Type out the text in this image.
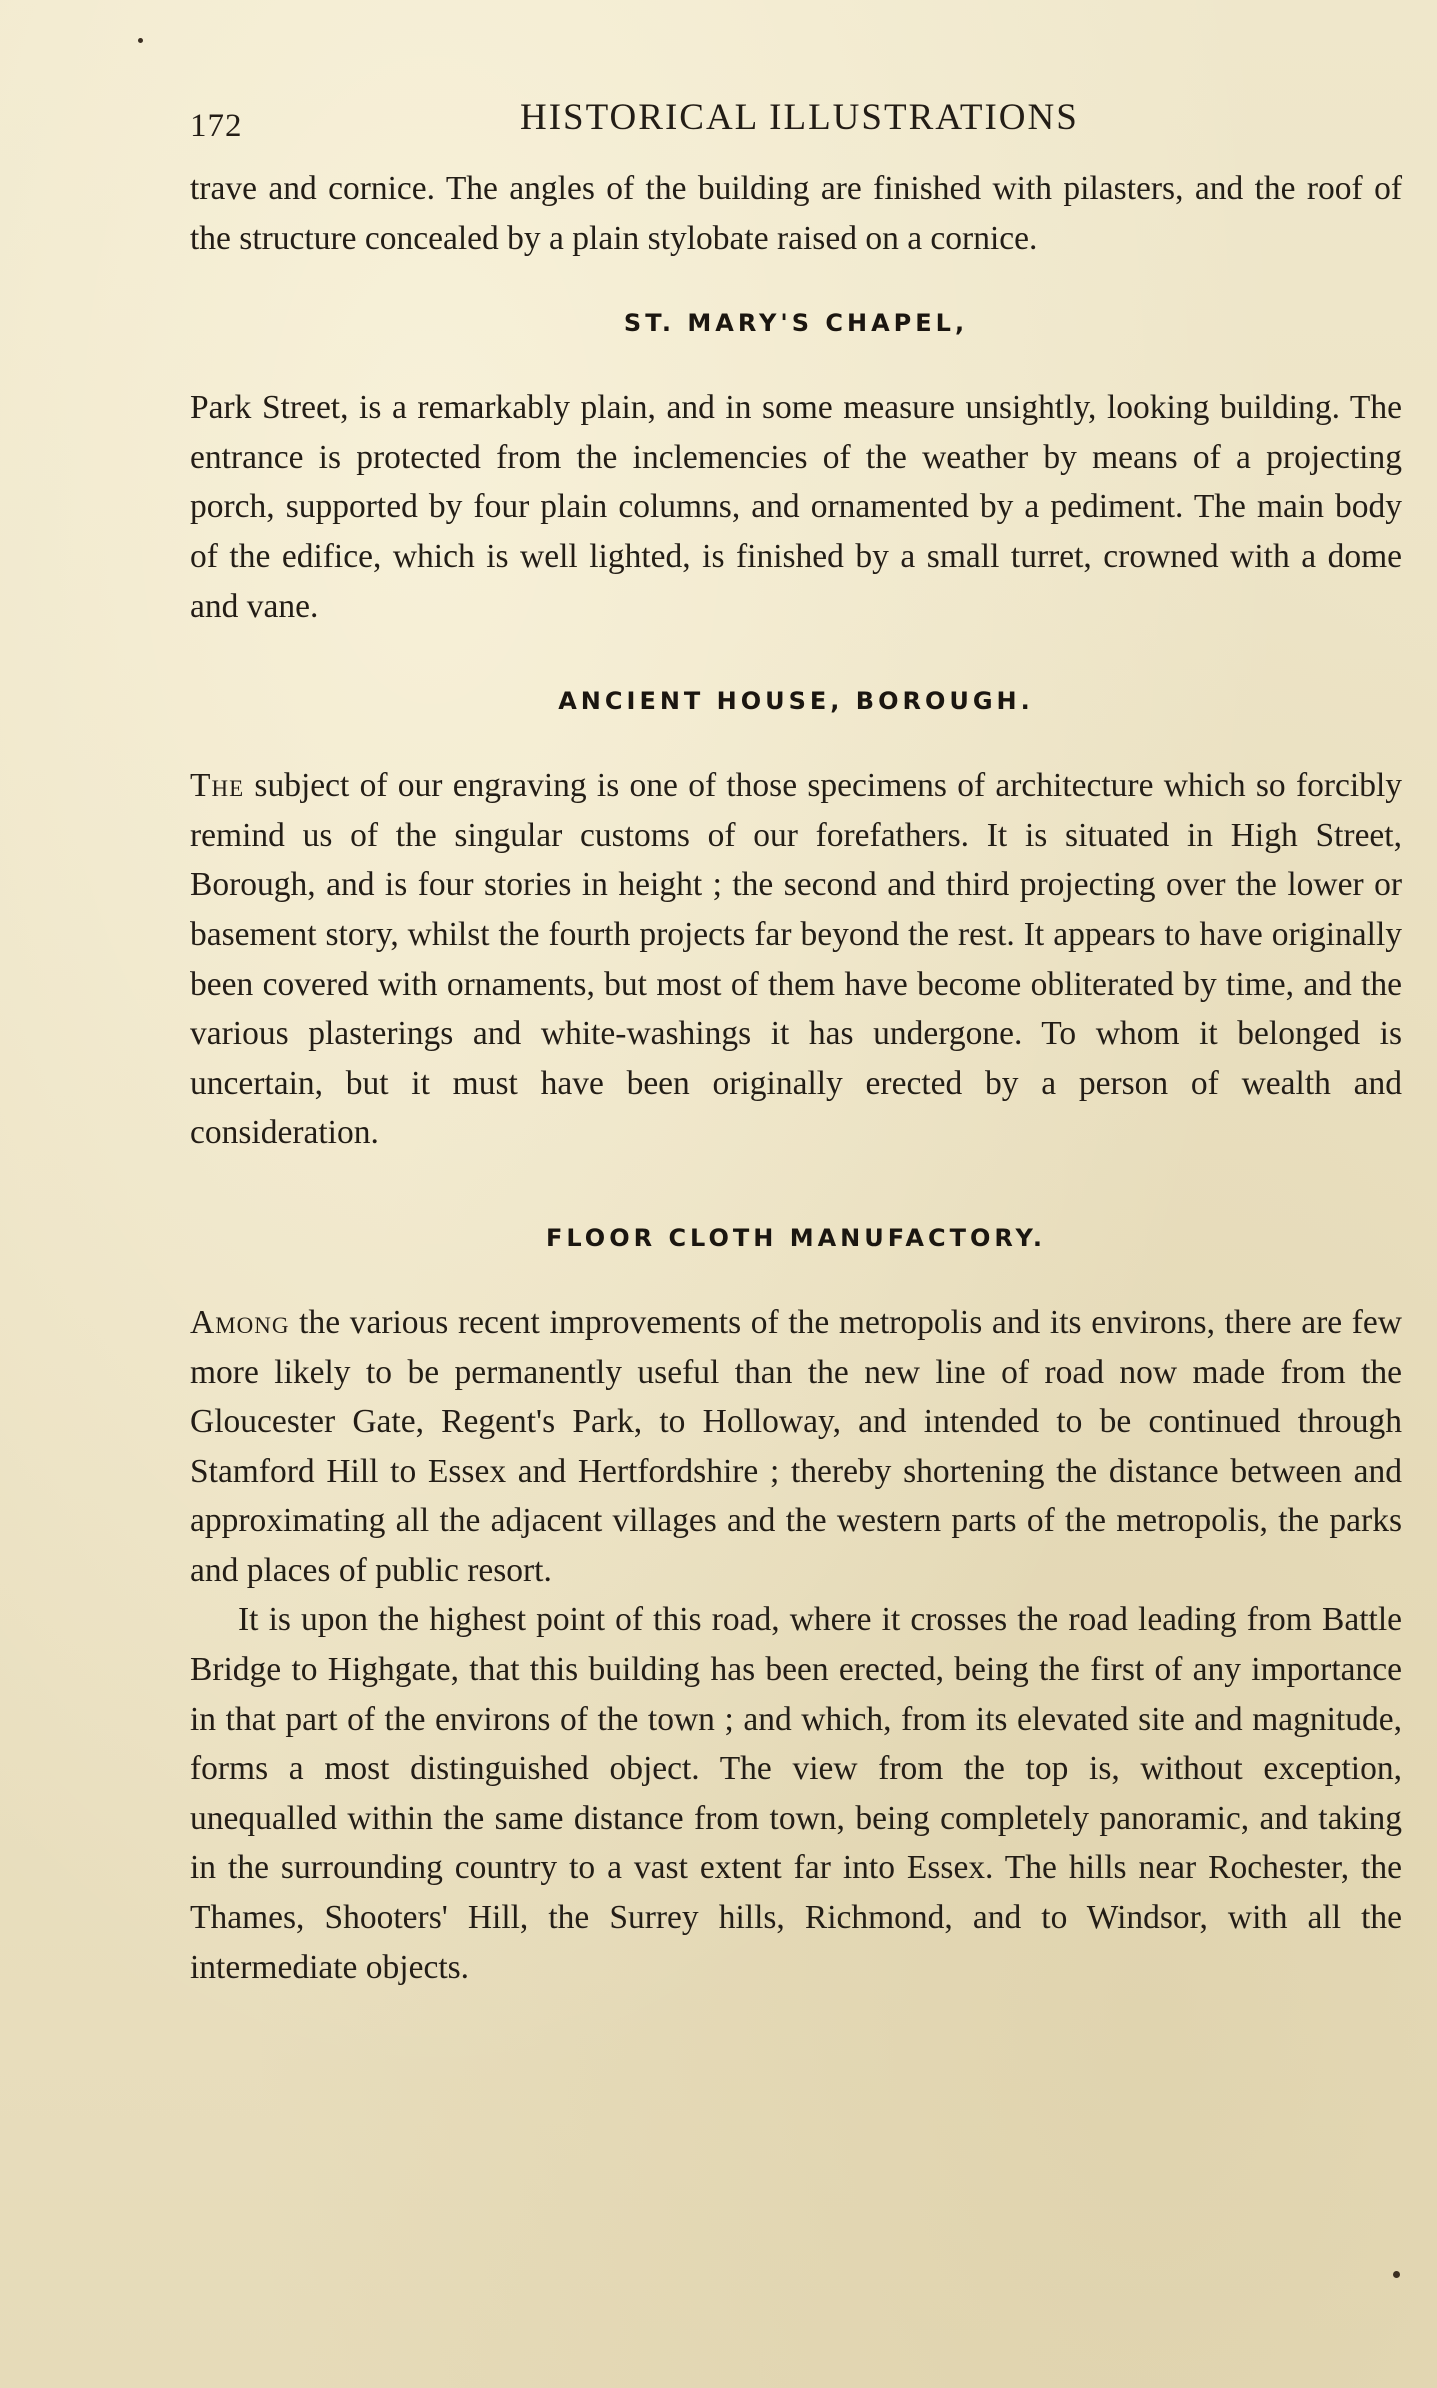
172	HISTORICAL ILLUSTRATIONS

trave and cornice. The angles of the building are finished with pilasters, and the roof of the structure concealed by a plain stylobate raised on a cornice.

ST. MARY'S CHAPEL,

Park Street, is a remarkably plain, and in some measure unsightly, looking building. The entrance is protected from the inclemencies of the weather by means of a projecting porch, supported by four plain columns, and ornamented by a pediment. The main body of the edifice, which is well lighted, is finished by a small turret, crowned with a dome and vane.

ANCIENT HOUSE, BOROUGH.

The subject of our engraving is one of those specimens of architecture which so forcibly remind us of the singular customs of our forefathers. It is situated in High Street, Borough, and is four stories in height ; the second and third projecting over the lower or basement story, whilst the fourth projects far beyond the rest. It appears to have originally been covered with ornaments, but most of them have become obliterated by time, and the various plasterings and white-washings it has undergone. To whom it belonged is uncertain, but it must have been originally erected by a person of wealth and consideration.

FLOOR CLOTH MANUFACTORY.

Among the various recent improvements of the metropolis and its environs, there are few more likely to be permanently useful than the new line of road now made from the Gloucester Gate, Regent's Park, to Holloway, and intended to be continued through Stamford Hill to Essex and Hertfordshire ; thereby shortening the distance between and approximating all the adjacent villages and the western parts of the metropolis, the parks and places of public resort.

It is upon the highest point of this road, where it crosses the road leading from Battle Bridge to Highgate, that this building has been erected, being the first of any importance in that part of the environs of the town ; and which, from its elevated site and magnitude, forms a most distinguished object. The view from the top is, without exception, unequalled within the same distance from town, being completely panoramic, and taking in the surrounding country to a vast extent far into Essex. The hills near Rochester, the Thames, Shooters' Hill, the Surrey hills, Richmond, and to Windsor, with all the intermediate objects.
